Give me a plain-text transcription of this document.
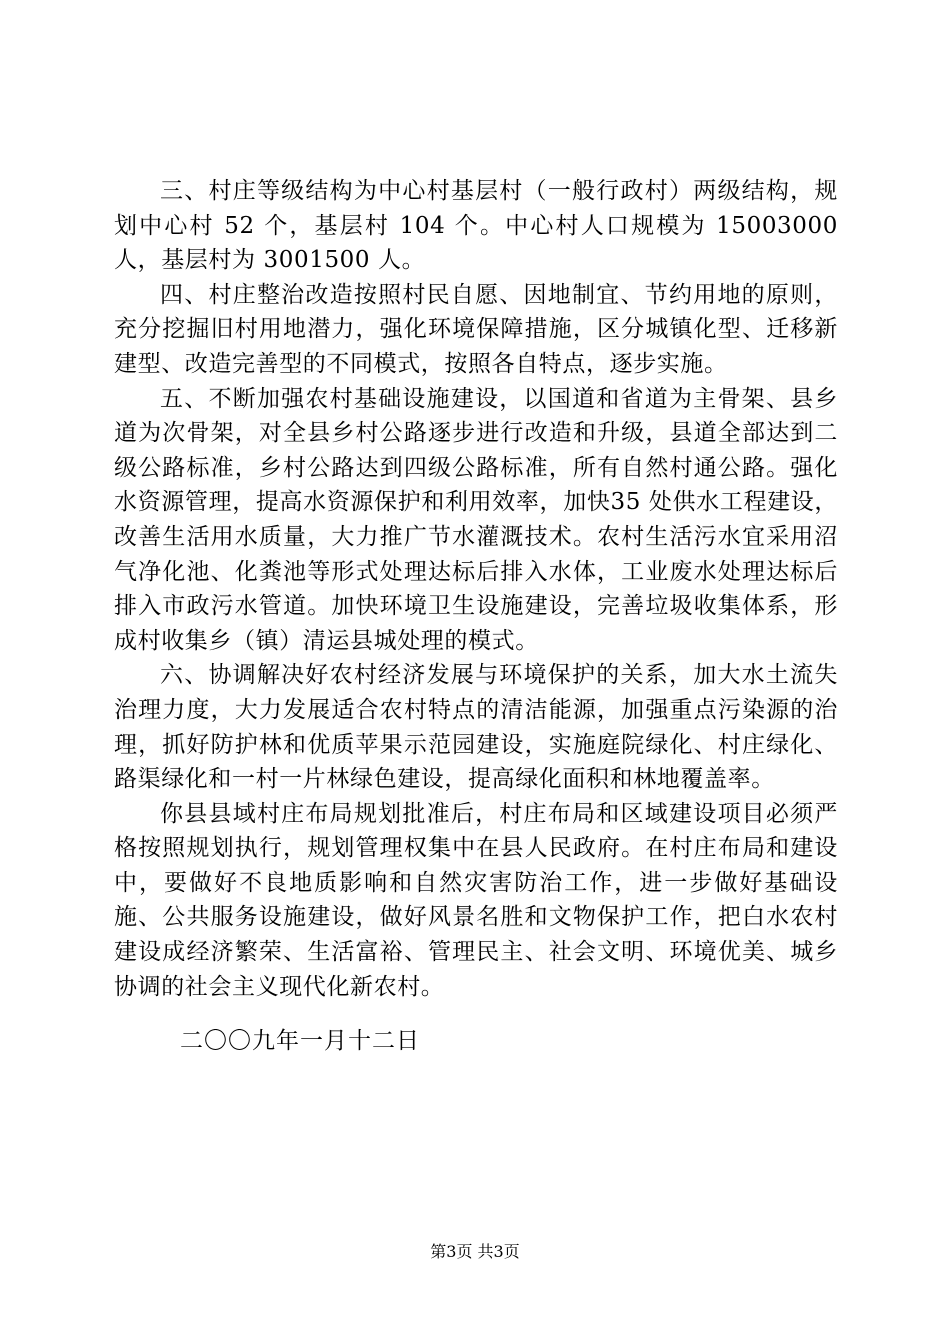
三、村庄等级结构为中心村基层村（一般行政村）两级结构，规划中心村 52 个，基层村 104 个。中心村人口规模为 15003000 人，基层村为 3001500 人。

四、村庄整治改造按照村民自愿、因地制宜、节约用地的原则，充分挖掘旧村用地潜力，强化环境保障措施，区分城镇化型、迁移新建型、改造完善型的不同模式，按照各自特点，逐步实施。

五、不断加强农村基础设施建设，以国道和省道为主骨架、县乡道为次骨架，对全县乡村公路逐步进行改造和升级，县道全部达到二级公路标准，乡村公路达到四级公路标准，所有自然村通公路。强化水资源管理，提高水资源保护和利用效率，加快35 处供水工程建设，改善生活用水质量，大力推广节水灌溉技术。农村生活污水宜采用沼气净化池、化粪池等形式处理达标后排入水体，工业废水处理达标后排入市政污水管道。加快环境卫生设施建设，完善垃圾收集体系，形成村收集乡（镇）清运县城处理的模式。

六、协调解决好农村经济发展与环境保护的关系，加大水土流失治理力度，大力发展适合农村特点的清洁能源，加强重点污染源的治理，抓好防护林和优质苹果示范园建设，实施庭院绿化、村庄绿化、路渠绿化和一村一片林绿色建设，提高绿化面积和林地覆盖率。

你县县域村庄布局规划批准后，村庄布局和区域建设项目必须严格按照规划执行，规划管理权集中在县人民政府。在村庄布局和建设中，要做好不良地质影响和自然灾害防治工作，进一步做好基础设施、公共服务设施建设，做好风景名胜和文物保护工作，把白水农村建设成经济繁荣、生活富裕、管理民主、社会文明、环境优美、城乡协调的社会主义现代化新农村。

二〇〇九年一月十二日

第3页 共3页
